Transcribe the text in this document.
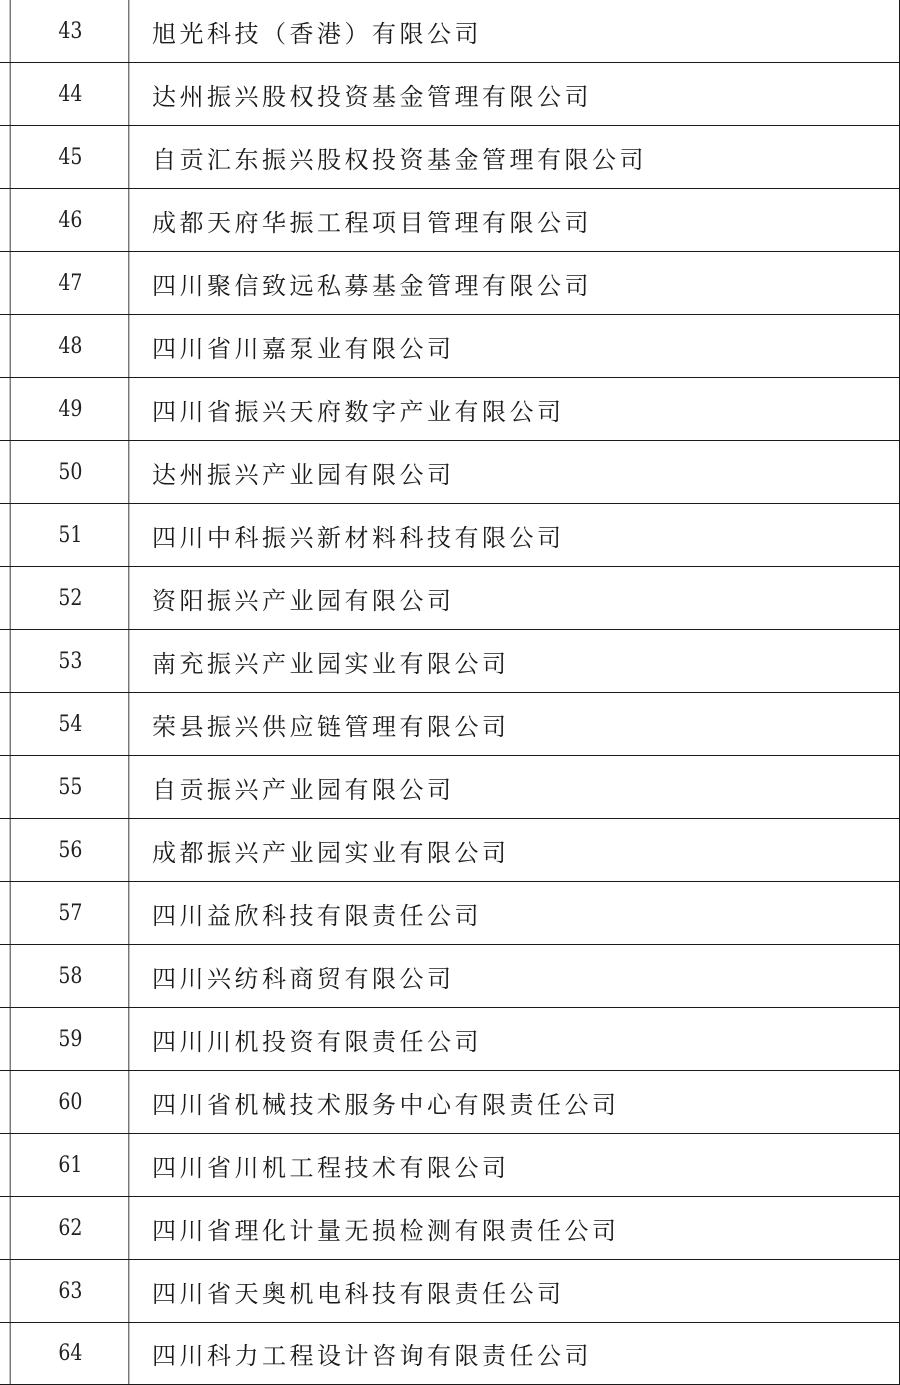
43	旭光科技（香港）有限公司
44	达州振兴股权投资基金管理有限公司
45	自贡汇东振兴股权投资基金管理有限公司
46	成都天府华振工程项目管理有限公司
47	四川聚信致远私募基金管理有限公司
48	四川省川嘉泵业有限公司
49	四川省振兴天府数字产业有限公司
50	达州振兴产业园有限公司
51	四川中科振兴新材料科技有限公司
52	资阳振兴产业园有限公司
53	南充振兴产业园实业有限公司
54	荣县振兴供应链管理有限公司
55	自贡振兴产业园有限公司
56	成都振兴产业园实业有限公司
57	四川益欣科技有限责任公司
58	四川兴纺科商贸有限公司
59	四川川机投资有限责任公司
60	四川省机械技术服务中心有限责任公司
61	四川省川机工程技术有限公司
62	四川省理化计量无损检测有限责任公司
63	四川省天奥机电科技有限责任公司
64	四川科力工程设计咨询有限责任公司
